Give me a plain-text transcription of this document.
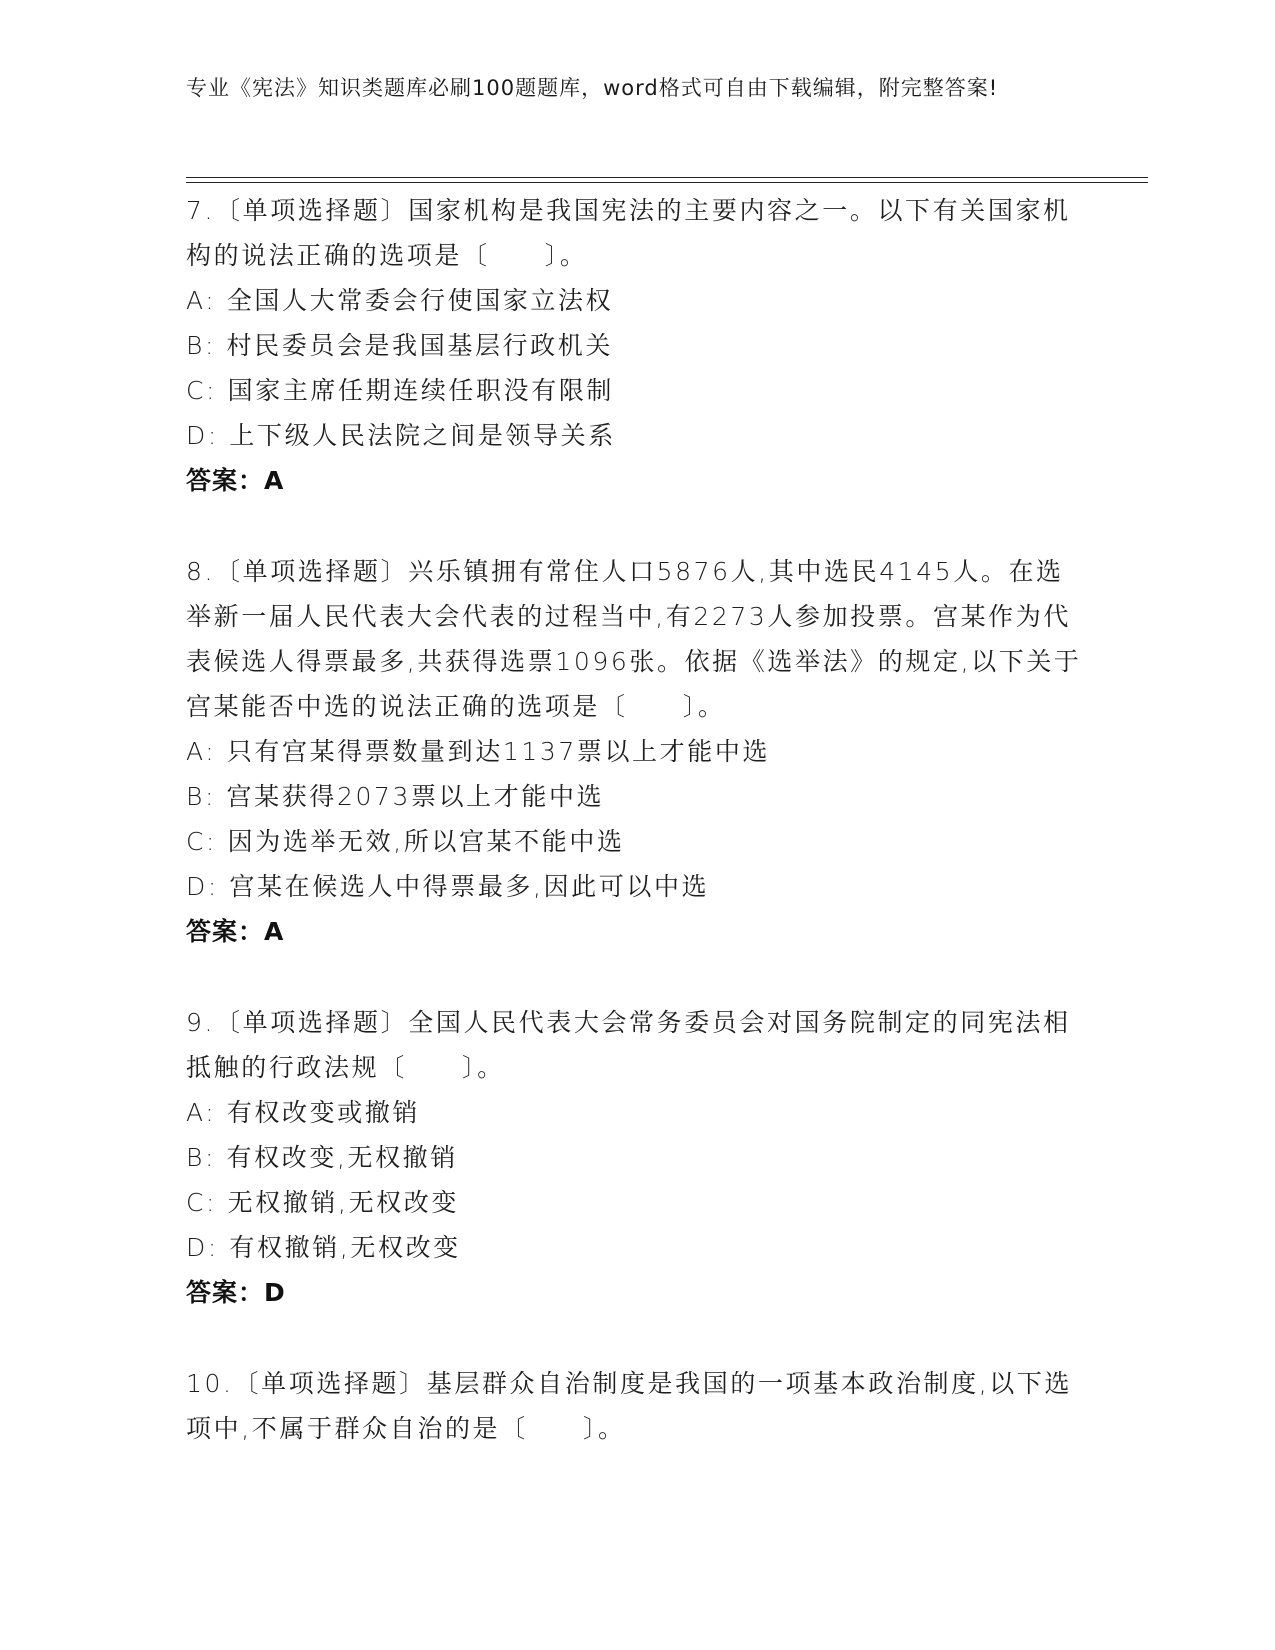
专业《宪法》知识类题库必刷100题题库，word格式可自由下载编辑，附完整答案!

7.〔单项选择题〕国家机构是我国宪法的主要内容之一。以下有关国家机构的说法正确的选项是〔　　〕。

A: 全国人大常委会行使国家立法权

B: 村民委员会是我国基层行政机关

C: 国家主席任期连续任职没有限制

D: 上下级人民法院之间是领导关系

答案：A

8.〔单项选择题〕兴乐镇拥有常住人口5876人,其中选民4145人。在选举新一届人民代表大会代表的过程当中,有2273人参加投票。宫某作为代表候选人得票最多,共获得选票1096张。依据《选举法》的规定,以下关于宫某能否中选的说法正确的选项是〔　　〕。

A: 只有宫某得票数量到达1137票以上才能中选

B: 宫某获得2073票以上才能中选

C: 因为选举无效,所以宫某不能中选

D: 宫某在候选人中得票最多,因此可以中选

答案：A

9.〔单项选择题〕全国人民代表大会常务委员会对国务院制定的同宪法相抵触的行政法规〔　　〕。

A: 有权改变或撤销

B: 有权改变,无权撤销

C: 无权撤销,无权改变

D: 有权撤销,无权改变

答案：D

10.〔单项选择题〕基层群众自治制度是我国的一项基本政治制度,以下选项中,不属于群众自治的是〔　　〕。
